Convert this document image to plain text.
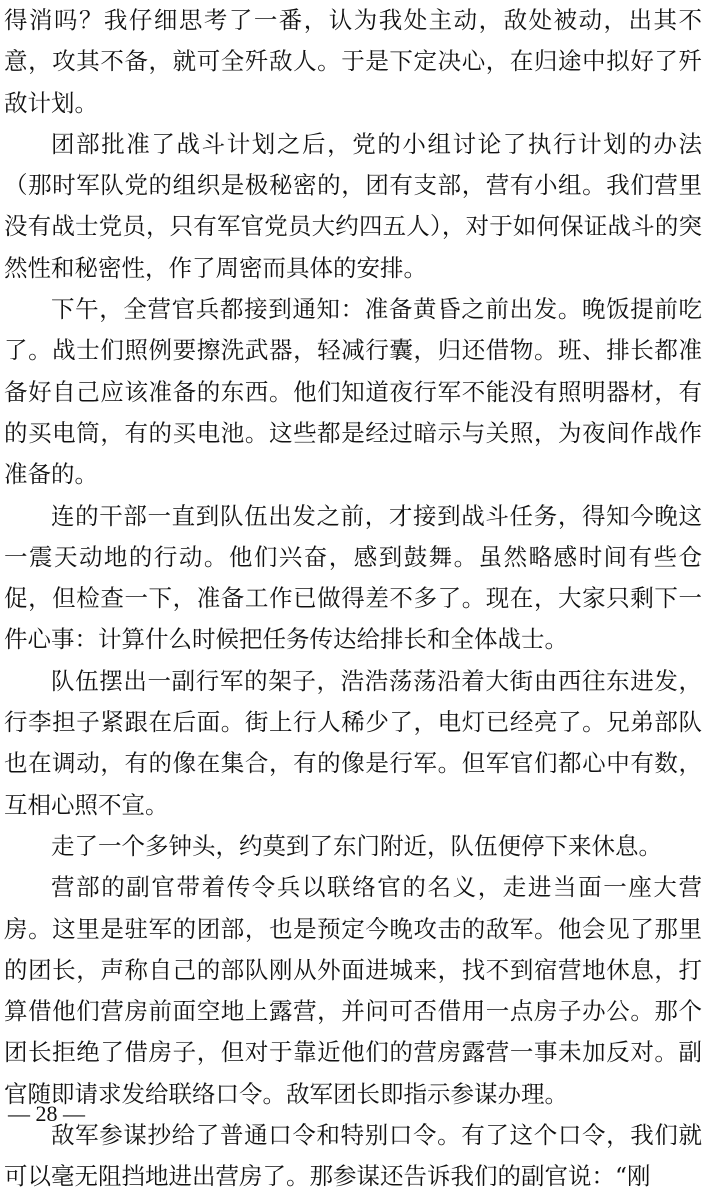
得消吗？我仔细思考了一番，认为我处主动，敌处被动，出其不意，攻其不备，就可全歼敌人。于是下定决心，在归途中拟好了歼敌计划。

团部批准了战斗计划之后，党的小组讨论了执行计划的办法（那时军队党的组织是极秘密的，团有支部，营有小组。我们营里没有战士党员，只有军官党员大约四五人），对于如何保证战斗的突然性和秘密性，作了周密而具体的安排。

下午，全营官兵都接到通知：准备黄昏之前出发。晚饭提前吃了。战士们照例要擦洗武器，轻减行囊，归还借物。班、排长都准备好自己应该准备的东西。他们知道夜行军不能没有照明器材，有的买电筒，有的买电池。这些都是经过暗示与关照，为夜间作战作准备的。

连的干部一直到队伍出发之前，才接到战斗任务，得知今晚这一震天动地的行动。他们兴奋，感到鼓舞。虽然略感时间有些仓促，但检查一下，准备工作已做得差不多了。现在，大家只剩下一件心事：计算什么时候把任务传达给排长和全体战士。

队伍摆出一副行军的架子，浩浩荡荡沿着大街由西往东进发，行李担子紧跟在后面。街上行人稀少了，电灯已经亮了。兄弟部队也在调动，有的像在集合，有的像是行军。但军官们都心中有数，互相心照不宣。

走了一个多钟头，约莫到了东门附近，队伍便停下来休息。

营部的副官带着传令兵以联络官的名义，走进当面一座大营房。这里是驻军的团部，也是预定今晚攻击的敌军。他会见了那里的团长，声称自己的部队刚从外面进城来，找不到宿营地休息，打算借他们营房前面空地上露营，并问可否借用一点房子办公。那个团长拒绝了借房子，但对于靠近他们的营房露营一事未加反对。副官随即请求发给联络口令。敌军团长即指示参谋办理。

敌军参谋抄给了普通口令和特别口令。有了这个口令，我们就可以毫无阻挡地进出营房了。那参谋还告诉我们的副官说：“刚

— 28 —
